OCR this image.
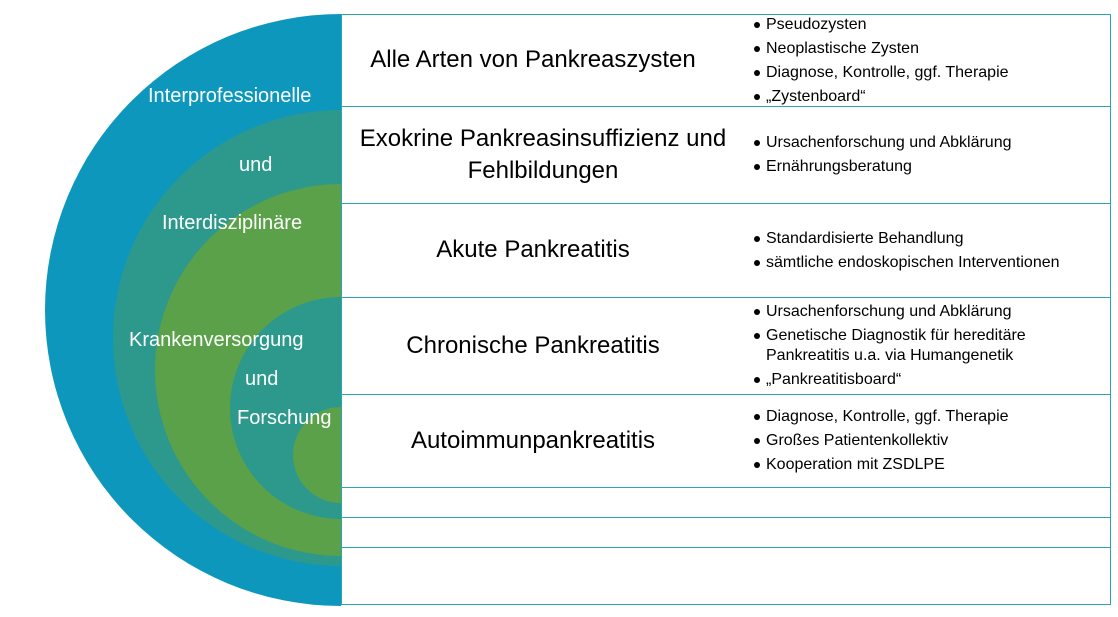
Interprofessionelle
und
Interdisziplinäre
Krankenversorgung
und
Forschung
Alle Arten von Pankreaszysten
Pseudozysten
Neoplastische Zysten
Diagnose, Kontrolle, ggf. Therapie
„Zystenboard“
Exokrine Pankreasinsuffizienz und Fehlbildungen
Ursachenforschung und Abklärung
Ernährungsberatung
Akute Pankreatitis	Standardisierte Behandlung
sämtliche endoskopischen Interventionen
Chronische Pankreatitis
Ursachenforschung und Abklärung
Genetische Diagnostik für hereditäre Pankreatitis u.a. via Humangenetik
„Pankreatitisboard“
Autoimmunpankreatitis
Diagnose, Kontrolle, ggf. Therapie
Großes Patientenkollektiv
Kooperation mit ZSDLPE
